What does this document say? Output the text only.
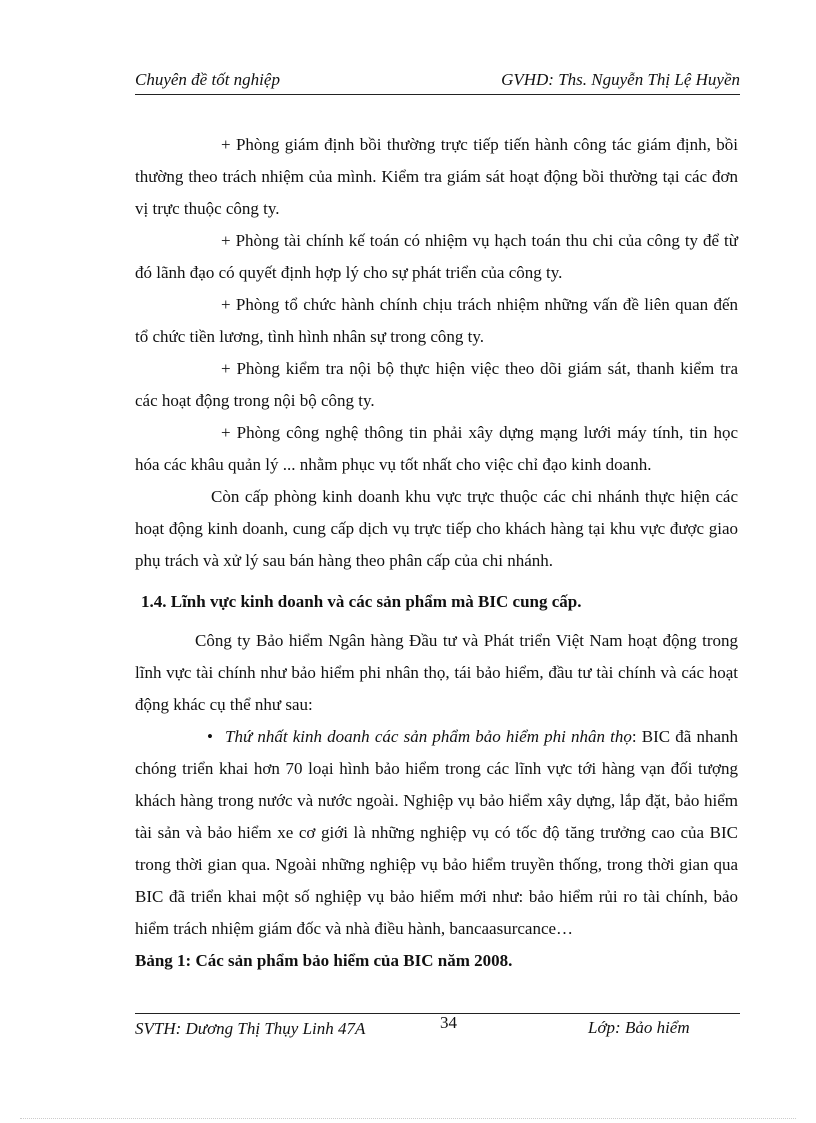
Chuyên đề tốt nghiệp	GVHD: Ths. Nguyễn Thị Lệ Huyền

+ Phòng giám định bồi thường trực tiếp tiến hành công tác giám định, bồi thường theo trách nhiệm của mình. Kiểm tra giám sát hoạt động bồi thường tại các đơn vị trực thuộc công ty.

+ Phòng tài chính kế toán có nhiệm vụ hạch toán thu chi của công ty để từ đó lãnh đạo có quyết định hợp lý cho sự phát triển của công ty.

+ Phòng tổ chức hành chính chịu trách nhiệm những vấn đề liên quan đến tổ chức tiền lương, tình hình nhân sự trong công ty.

+ Phòng kiểm tra nội bộ thực hiện việc theo dõi giám sát, thanh kiểm tra các hoạt động trong nội bộ công ty.

+ Phòng công nghệ thông tin phải xây dựng mạng lưới máy tính, tin học hóa các khâu quản lý ... nhằm phục vụ tốt nhất cho việc chỉ đạo kinh doanh.

Còn cấp phòng kinh doanh khu vực trực thuộc các chi nhánh thực hiện các hoạt động kinh doanh, cung cấp dịch vụ trực tiếp cho khách hàng tại khu vực được giao phụ trách và xử lý sau bán hàng theo phân cấp của chi nhánh.

1.4. Lĩnh vực kinh doanh và các sản phẩm mà BIC cung cấp.

Công ty Bảo hiểm Ngân hàng Đầu tư và Phát triển Việt Nam hoạt động trong lĩnh vực tài chính như bảo hiểm phi nhân thọ, tái bảo hiểm, đầu tư tài chính và các hoạt động khác cụ thể như sau:

• Thứ nhất kinh doanh các sản phẩm bảo hiểm phi nhân thọ: BIC đã nhanh chóng triển khai hơn 70 loại hình bảo hiểm trong các lĩnh vực tới hàng vạn đối tượng khách hàng trong nước và nước ngoài. Nghiệp vụ bảo hiểm xây dựng, lắp đặt, bảo hiểm tài sản và bảo hiểm xe cơ giới là những nghiệp vụ có tốc độ tăng trưởng cao của BIC trong thời gian qua. Ngoài những nghiệp vụ bảo hiểm truyền thống, trong thời gian qua BIC đã triển khai một số nghiệp vụ bảo hiểm mới như: bảo hiểm rủi ro tài chính, bảo hiểm trách nhiệm giám đốc và nhà điều hành, bancaasurcance…

Bảng 1: Các sản phẩm bảo hiểm của BIC năm 2008.
SVTH: Dương Thị Thụy Linh 47A	34	Lớp: Bảo hiểm
